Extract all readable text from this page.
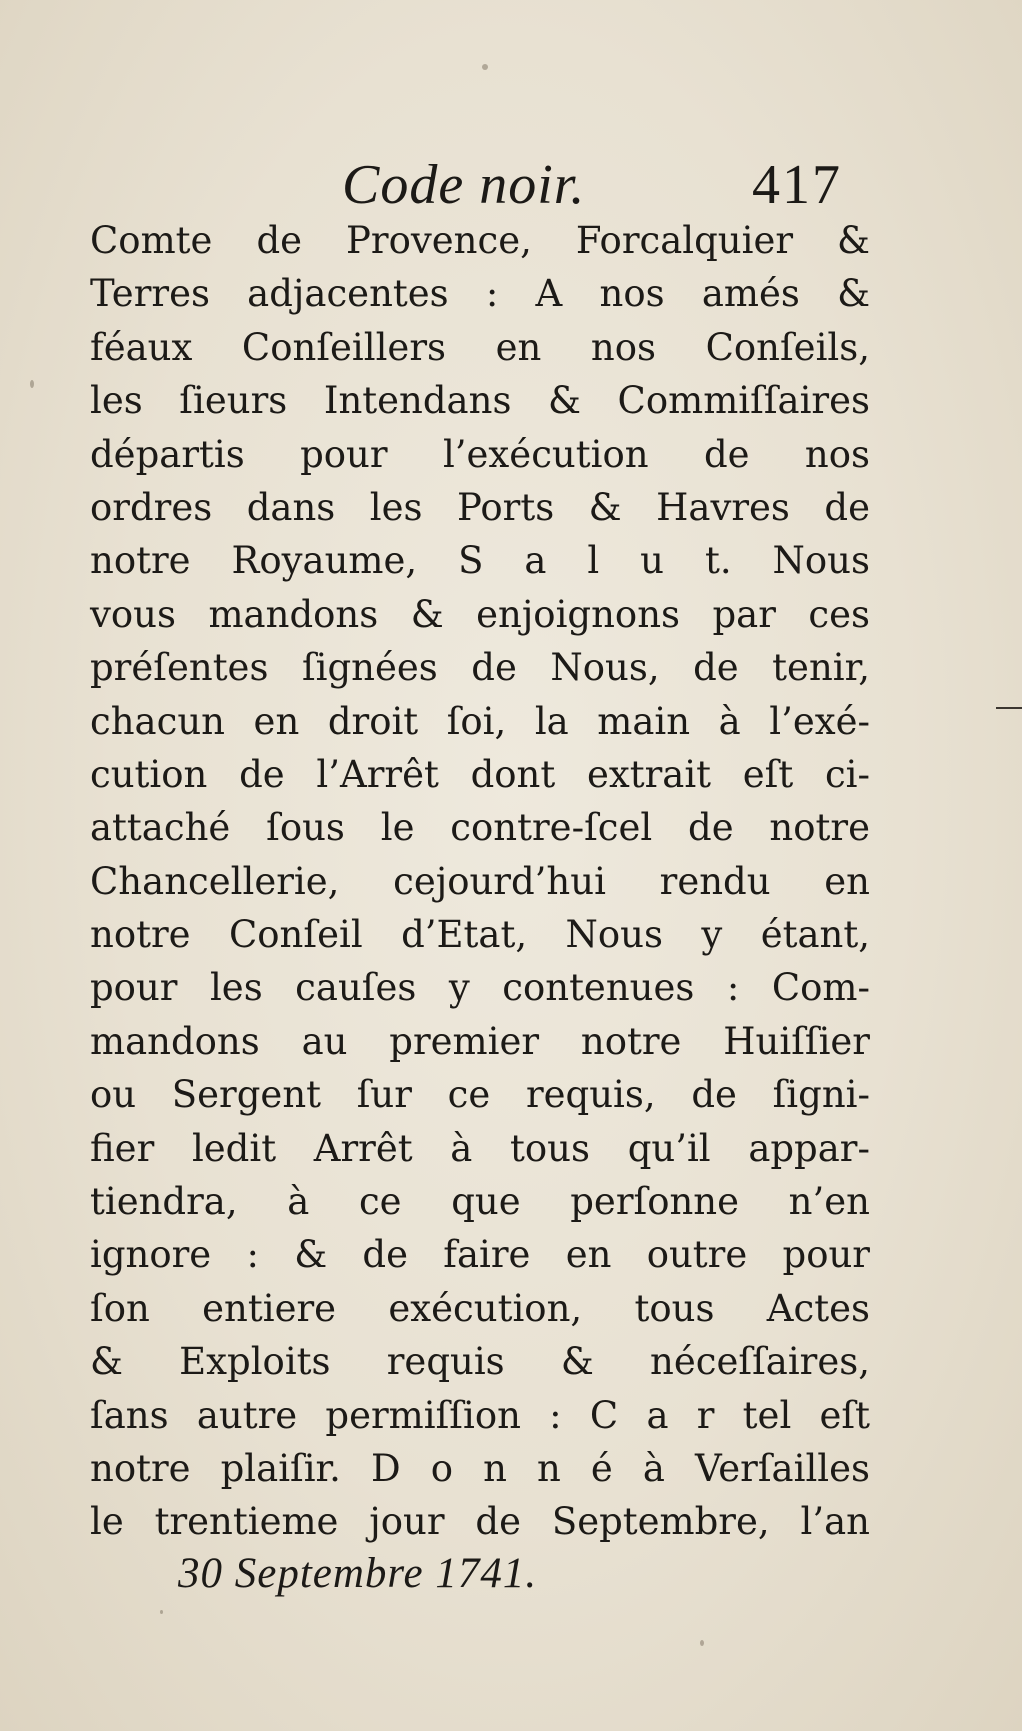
Code noir.	417
Comte de Provence, Forcalquier &
Terres adjacentes : A nos amés &
féaux Conſeillers en nos Conſeils,
les ſieurs Intendans & Commiſſaires
départis pour l’exécution de nos
ordres dans les Ports & Havres de
notre Royaume, S a l u t. Nous
vous mandons & enjoignons par ces
préſentes ſignées de Nous, de tenir,
chacun en droit ſoi, la main à l’exé-
cution de l’Arrêt dont extrait eſt ci-
attaché ſous le contre-ſcel de notre
Chancellerie, cejourd’hui rendu en
notre Conſeil d’Etat, Nous y étant,
pour les cauſes y contenues : Com-
mandons au premier notre Huiſſier
ou Sergent ſur ce requis, de ſigni-
fier ledit Arrêt à tous qu’il appar-
tiendra, à ce que perſonne n’en
ignore : & de faire en outre pour
ſon entiere exécution, tous Actes
& Exploits requis & néceſſaires,
ſans autre permiſſion : C a r tel eſt
notre plaiſir. D o n n é à Verſailles
le trentieme jour de Septembre, l’an
30 Septembre 1741.
